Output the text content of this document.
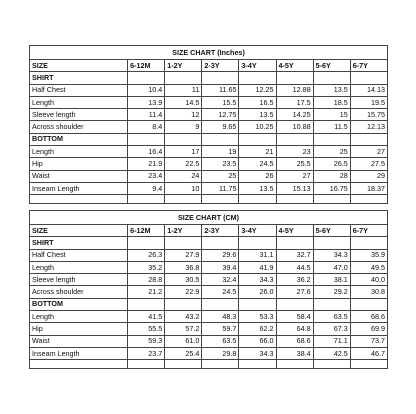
SIZE CHART (Inches)							
SIZE	6-12M	1-2Y	2-3Y	3-4Y	4-5Y	5-6Y	6-7Y
SHIRT							
Half Chest	10.4	11	11.65	12.25	12.88	13.5	14.13
Length	13.9	14.5	15.5	16.5	17.5	18.5	19.5
Sleeve length	11.4	12	12.75	13.5	14.25	15	15.75
Across shoulder	8.4	9	9.65	10.25	10.88	11.5	12.13
BOTTOM							
Length	16.4	17	19	21	23	25	27
Hip	21.9	22.5	23.5	24.5	25.5	26.5	27.5
Waist	23.4	24	25	26	27	28	29
Inseam Length	9.4	10	11.75	13.5	15.13	16.75	18.37

SIZE CHART (CM)							
SIZE	6-12M	1-2Y	2-3Y	3-4Y	4-5Y	5-6Y	6-7Y
SHIRT							
Half Chest	26.3	27.9	29.6	31.1	32.7	34.3	35.9
Length	35.2	36.8	39.4	41.9	44.5	47.0	49.5
Sleeve length	28.8	30.5	32.4	34.3	36.2	38.1	40.0
Across shoulder	21.2	22.9	24.5	26.0	27.6	29.2	30.8
BOTTOM							
Length	41.5	43.2	48.3	53.3	58.4	63.5	68.6
Hip	55.5	57.2	59.7	62.2	64.8	67.3	69.9
Waist	59.3	61.0	63.5	66.0	68.6	71.1	73.7
Inseam Length	23.7	25.4	29.8	34.3	38.4	42.5	46.7
